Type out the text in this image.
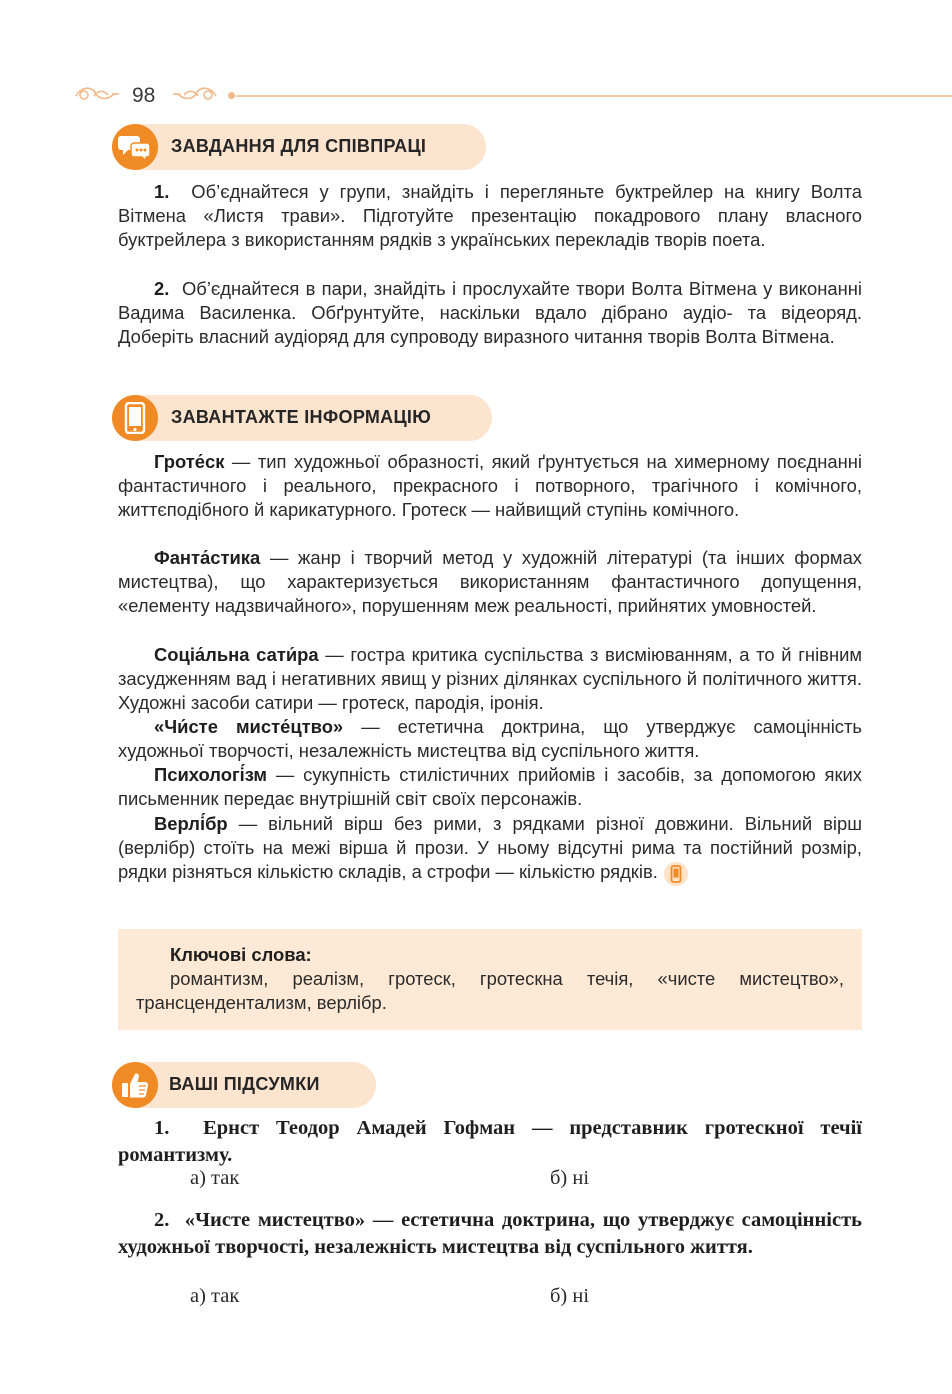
98
ЗАВДАННЯ ДЛЯ СПІВПРАЦІ
1. Об’єднайтеся у групи, знайдіть і перегляньте буктрейлер на книгу Волта Вітмена «Листя трави». Підготуйте презентацію покадрового плану власного буктрейлера з використанням рядків з українських перекладів творів поета.
2. Об’єднайтеся в пари, знайдіть і прослухайте твори Волта Вітмена у виконанні Вадима Василенка. Обґрунтуйте, наскільки вдало дібрано аудіо- та відеоряд. Доберіть власний аудіоряд для супроводу виразного читання творів Волта Вітмена.
ЗАВАНТАЖТЕ ІНФОРМАЦІЮ
Гроте́ск — тип художньої образності, який ґрунтується на химерному поєднанні фантастичного і реального, прекрасного і потворного, трагічного і комічного, життєподібного й карикатурного. Гротеск — найвищий ступінь комічного.
Фанта́стика — жанр і творчий метод у художній літературі (та інших формах мистецтва), що характеризується використанням фантастичного допущення, «елементу надзвичайного», порушенням меж реальності, прийнятих умовностей.
Соціа́льна сати́ра — гостра критика суспільства з висміюванням, а то й гнівним засудженням вад і негативних явищ у різних ділянках суспільного й політичного життя. Художні засоби сатири — гротеск, пародія, іронія.
«Чи́сте мисте́цтво» — естетична доктрина, що утверджує самоцінність художньої творчості, незалежність мистецтва від суспільного життя.
Психологі́зм — сукупність стилістичних прийомів і засобів, за допомогою яких письменник передає внутрішній світ своїх персонажів.
Верлі́бр — вільний вірш без рими, з рядками різної довжини. Вільний вірш (верлібр) стоїть на межі вірша й прози. У ньому відсутні рима та постійний розмір, рядки різняться кількістю складів, а строфи — кількістю рядків.
Ключові слова:
романтизм, реалізм, гротеск, гротескна течія, «чисте мистецтво», трансцендентализм, верлібр.
ВАШІ ПІДСУМКИ
1. Ернст Теодор Амадей Гофман — представник гротескної течії романтизму.
а) так	б) ні
2. «Чисте мистецтво» — естетична доктрина, що утверджує самоцінність художньої творчості, незалежність мистецтва від суспільного життя.
а) так	б) ні
